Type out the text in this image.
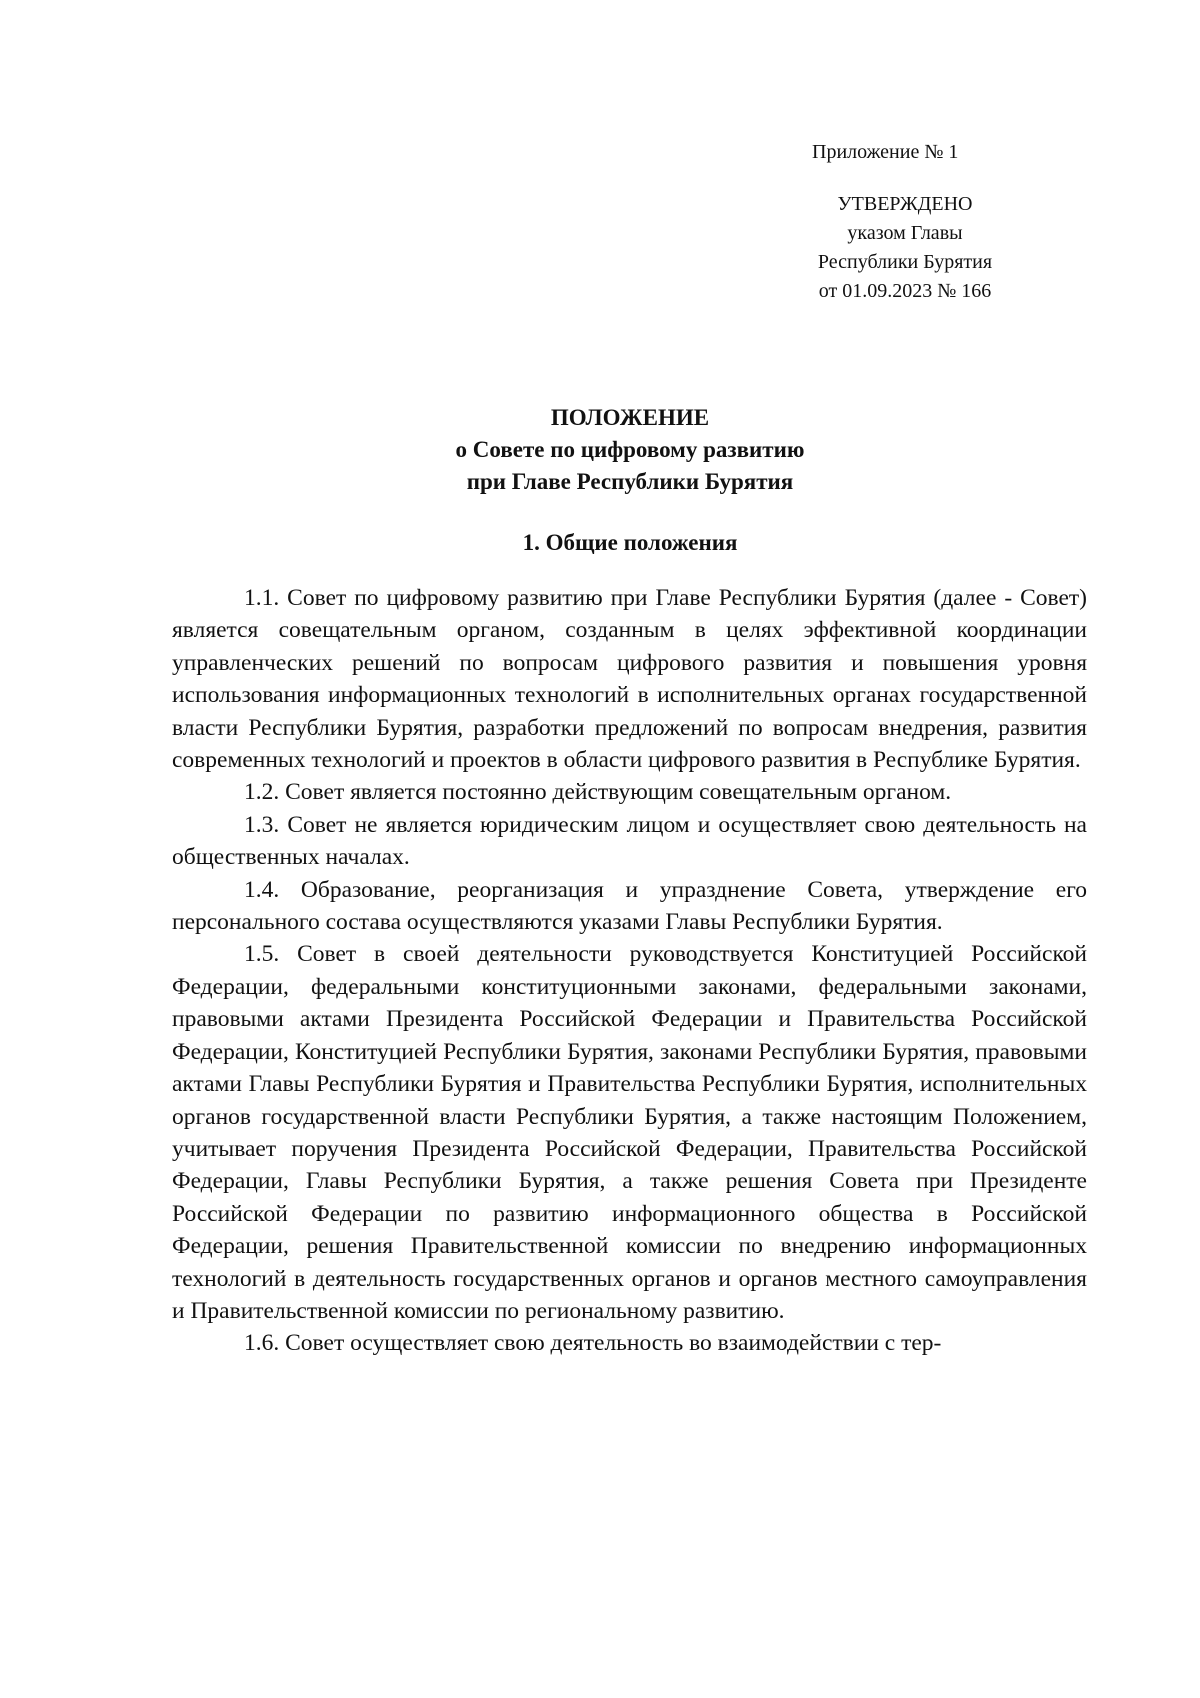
Приложение № 1
УТВЕРЖДЕНО
указом Главы
Республики Бурятия
от 01.09.2023 № 166
ПОЛОЖЕНИЕ
о Совете по цифровому развитию
при Главе Республики Бурятия
1. Общие положения

1.1. Совет по цифровому развитию при Главе Республики Бурятия (далее - Совет) является совещательным органом, созданным в целях эффективной координации управленческих решений по вопросам цифрового развития и повышения уровня использования информационных технологий в исполнительных органах государственной власти Республики Бурятия, разработки предложений по вопросам внедрения, развития современных технологий и проектов в области цифрового развития в Республике Бурятия.

1.2. Совет является постоянно действующим совещательным органом.

1.3. Совет не является юридическим лицом и осуществляет свою деятельность на общественных началах.

1.4. Образование, реорганизация и упразднение Совета, утверждение его персонального состава осуществляются указами Главы Республики Бурятия.

1.5. Совет в своей деятельности руководствуется Конституцией Российской Федерации, федеральными конституционными законами, федеральными законами, правовыми актами Президента Российской Федерации и Правительства Российской Федерации, Конституцией Республики Бурятия, законами Республики Бурятия, правовыми актами Главы Республики Бурятия и Правительства Республики Бурятия, исполнительных органов государственной власти Республики Бурятия, а также настоящим Положением, учитывает поручения Президента Российской Федерации, Правительства Российской Федерации, Главы Республики Бурятия, а также решения Совета при Президенте Российской Федерации по развитию информационного общества в Российской Федерации, решения Правительственной комиссии по внедрению информационных технологий в деятельность государственных органов и органов местного самоуправления и Правительственной комиссии по региональному развитию.

1.6. Совет осуществляет свою деятельность во взаимодействии с тер-
